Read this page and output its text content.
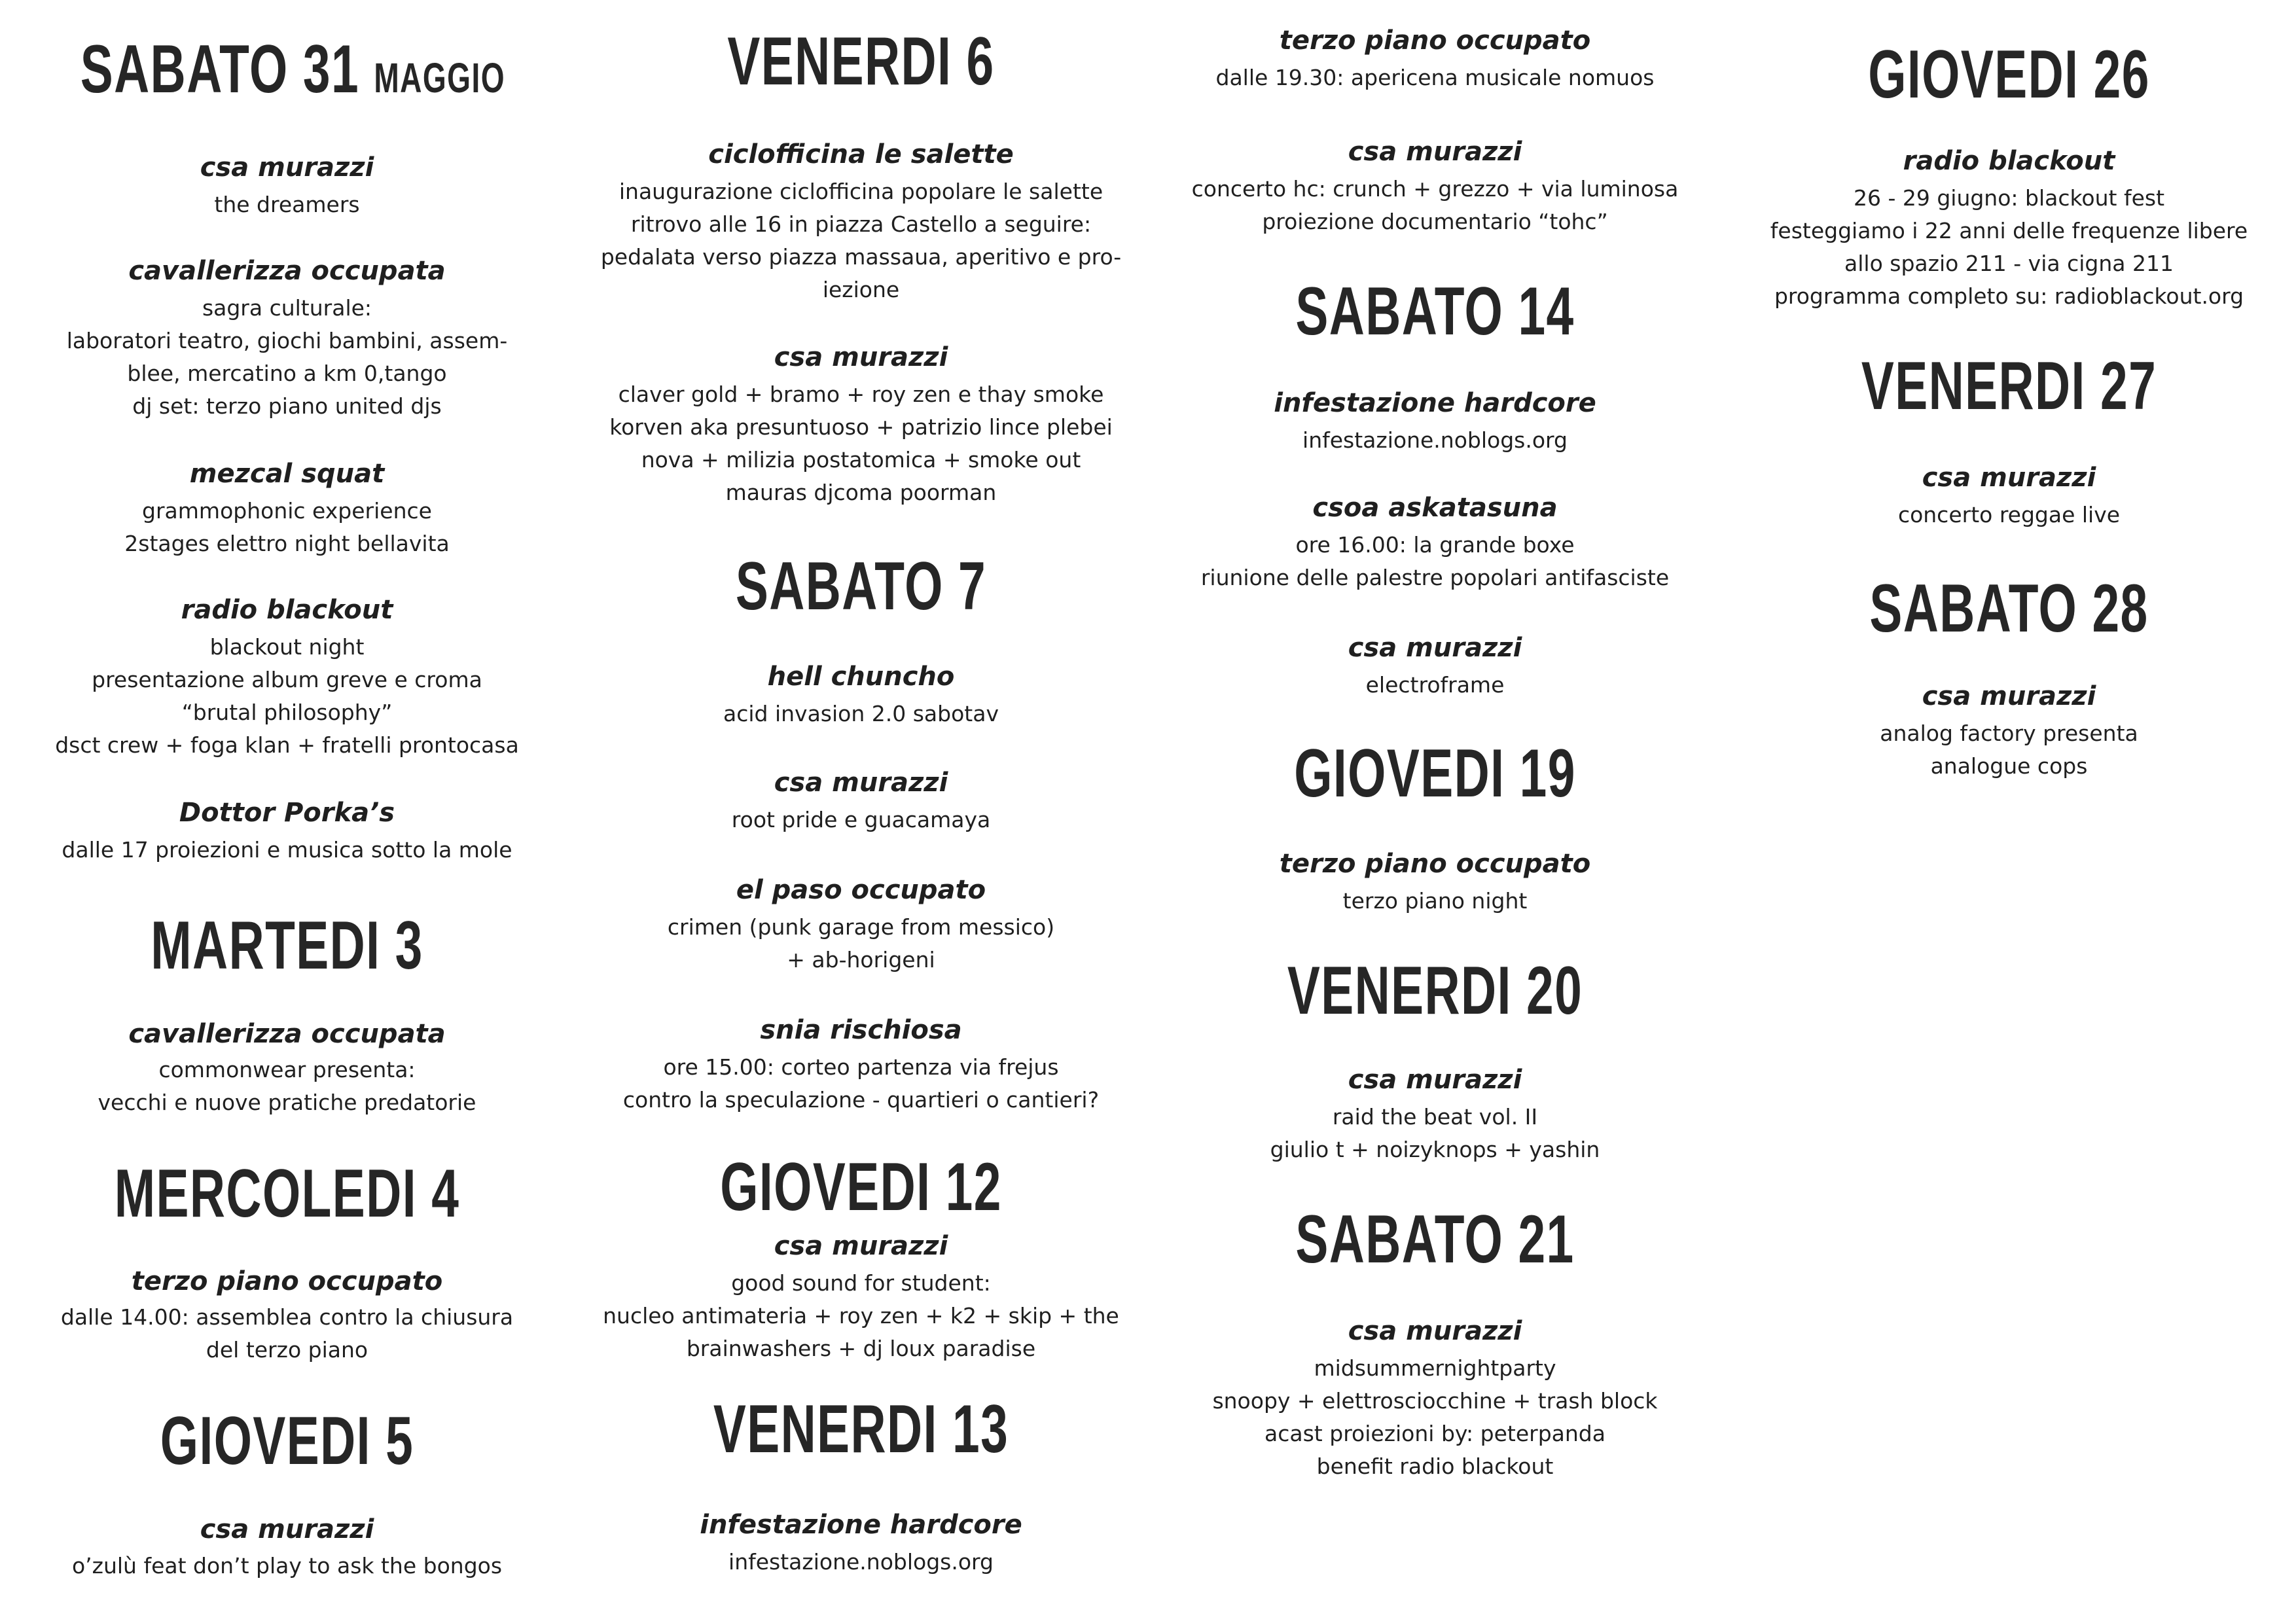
SABATO 31 MAGGIO
csa murazzi
the dreamers
cavallerizza occupata
sagra culturale:
laboratori teatro, giochi bambini, assem-
blee, mercatino a km 0,tango
dj set: terzo piano united djs
mezcal squat
grammophonic experience
2stages elettro night bellavita
radio blackout
blackout night
presentazione album greve e croma
“brutal philosophy”
dsct crew + foga klan + fratelli prontocasa
Dottor Porka’s
dalle 17 proiezioni e musica sotto la mole
MARTEDI 3
cavallerizza occupata
commonwear presenta:
vecchi e nuove pratiche predatorie
MERCOLEDI 4
terzo piano occupato
dalle 14.00: assemblea contro la chiusura
del terzo piano
GIOVEDI 5
csa murazzi
o’zulù feat don’t play to ask the bongos
VENERDI 6
ciclofficina le salette
inaugurazione ciclofficina popolare le salette
ritrovo alle 16 in piazza Castello a seguire:
pedalata verso piazza massaua, aperitivo e pro-
iezione
csa murazzi
claver gold + bramo + roy zen e thay smoke
korven aka presuntuoso + patrizio lince plebei
nova + milizia postatomica + smoke out
mauras djcoma poorman
SABATO 7
hell chuncho
acid invasion 2.0 sabotav
csa murazzi
root pride e guacamaya
el paso occupato
crimen (punk garage from messico)
+ ab-horigeni
snia rischiosa
ore 15.00: corteo partenza via frejus
contro la speculazione - quartieri o cantieri?
GIOVEDI 12
csa murazzi
good sound for student:
nucleo antimateria + roy zen + k2 + skip + the
brainwashers + dj loux paradise
VENERDI 13
infestazione hardcore
infestazione.noblogs.org
terzo piano occupato
dalle 19.30: apericena musicale nomuos
csa murazzi
concerto hc: crunch + grezzo + via luminosa
proiezione documentario “tohc”
SABATO 14
infestazione hardcore
infestazione.noblogs.org
csoa askatasuna
ore 16.00: la grande boxe
riunione delle palestre popolari antifasciste
csa murazzi
electroframe
GIOVEDI 19
terzo piano occupato
terzo piano night
VENERDI 20
csa murazzi
raid the beat vol. II
giulio t + noizyknops + yashin
SABATO 21
csa murazzi
midsummernightparty
snoopy + elettrosciocchine + trash block
acast proiezioni by: peterpanda
benefit radio blackout
GIOVEDI 26
radio blackout
26 - 29 giugno: blackout fest
festeggiamo i 22 anni delle frequenze libere
allo spazio 211 - via cigna 211
programma completo su: radioblackout.org
VENERDI 27
csa murazzi
concerto reggae live
SABATO 28
csa murazzi
analog factory presenta
analogue cops
